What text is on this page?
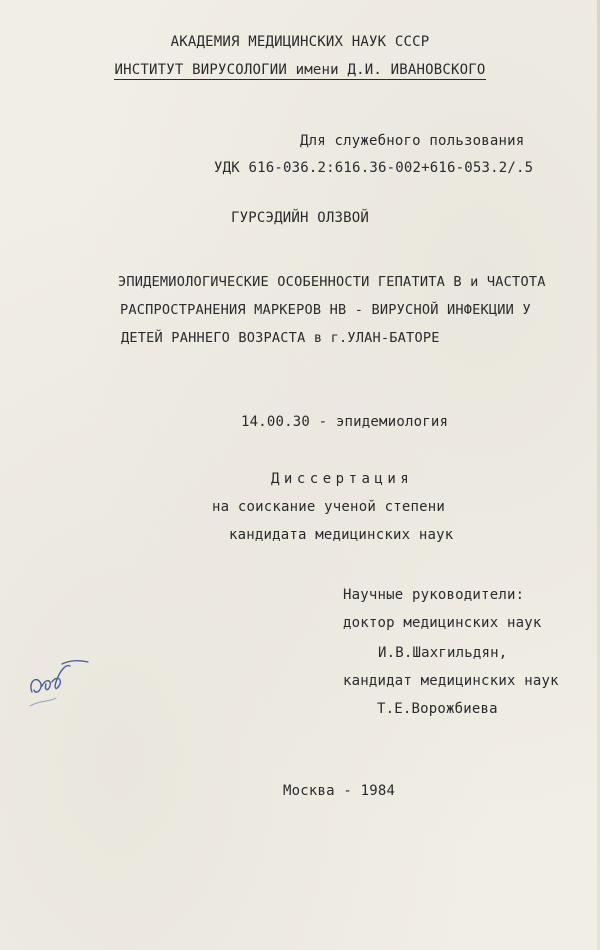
АКАДЕМИЯ МЕДИЦИНСКИХ НАУК СССР
ИНСТИТУТ ВИРУСОЛОГИИ имени Д.И. ИВАНОВСКОГО
Для служебного пользования
УДК 616-036.2:616.36-002+616-053.2/.5
ГУРСЭДИЙН ОЛЗВОЙ
ЭПИДЕМИОЛОГИЧЕСКИЕ ОСОБЕННОСТИ ГЕПАТИТА В и ЧАСТОТА
РАСПРОСТРАНЕНИЯ МАРКЕРОВ НВ - ВИРУСНОЙ ИНФЕКЦИИ У
ДЕТЕЙ РАННЕГО ВОЗРАСТА в г.УЛАН-БАТОРЕ
14.00.30 - эпидемиология
Диссертация
на соискание ученой степени
кандидата медицинских наук
Научные руководители:
доктор медицинских наук
И.В.Шахгильдян,
кандидат медицинских наук
Т.Е.Ворожбиева
Москва - 1984
